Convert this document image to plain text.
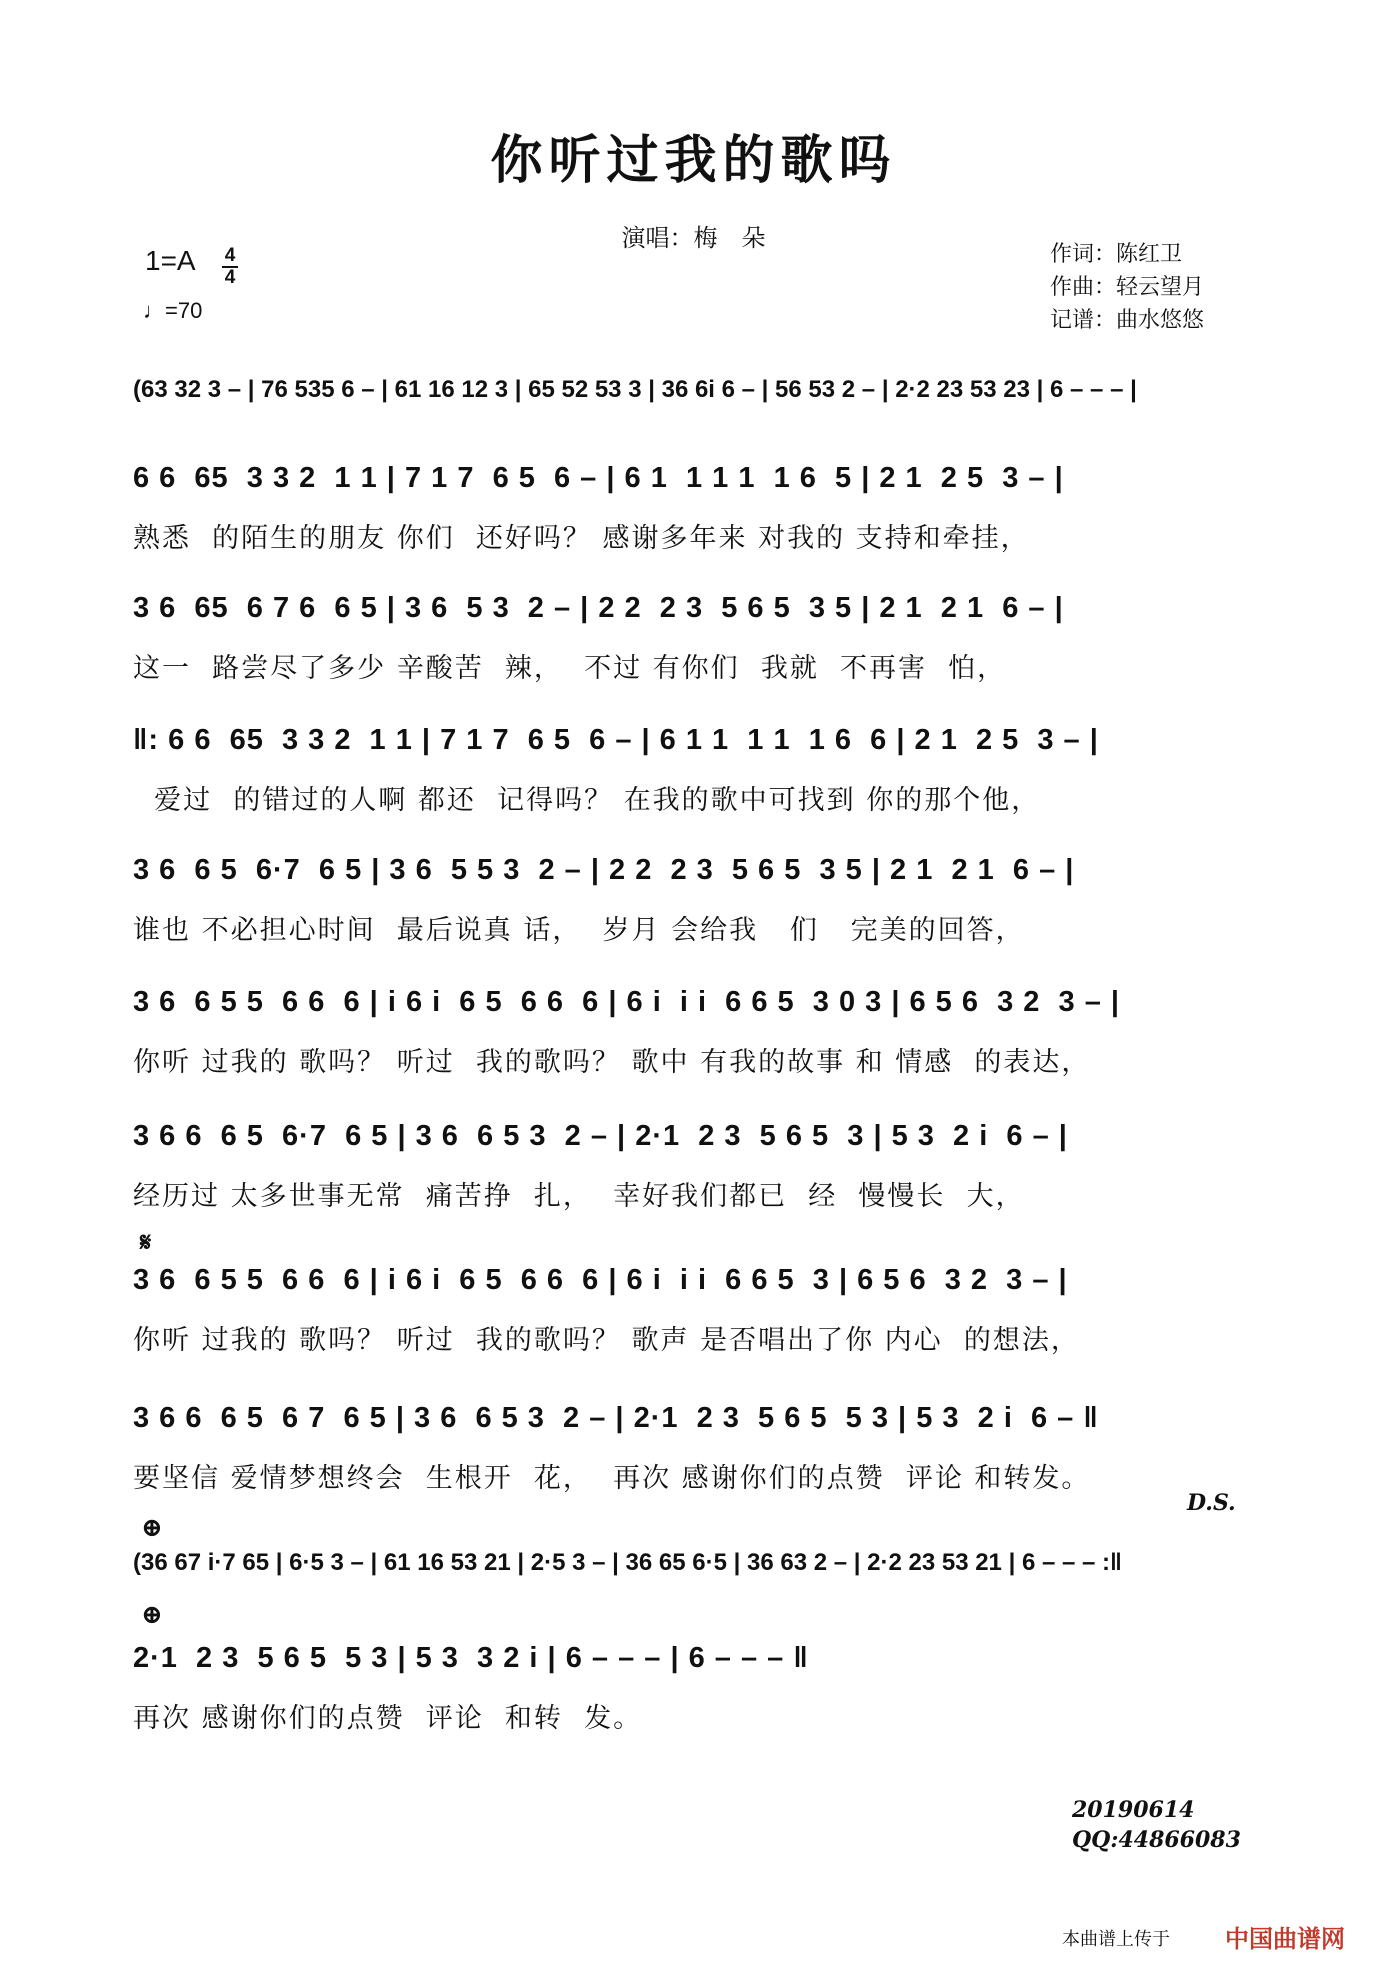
你听过我的歌吗
演唱：梅　朵
1=A 4
4
♩=70
作词：陈红卫
作曲：轻云望月
记谱：曲水悠悠
(63 32 3 – | 76 535 6 – | 61 16 12 3 | 65 52 53 3 | 36 6i 6 – | 56 53 2 – | 2·2 23 53 23 | 6 – – – |
6 6  65  3 3 2  1 1 | 7 1 7  6 5  6 – | 6 1  1 1 1  1 6  5 | 2 1  2 5  3 – |
熟悉  的陌生的朋友 你们  还好吗？ 感谢多年来 对我的 支持和牵挂，
3 6  65  6 7 6  6 5 | 3 6  5 3  2 – | 2 2  2 3  5 6 5  3 5 | 2 1  2 1  6 – |
这一  路尝尽了多少 辛酸苦  辣，  不过 有你们  我就  不再害  怕，
‖: 6 6  65  3 3 2  1 1 | 7 1 7  6 5  6 – | 6 1 1  1 1  1 6  6 | 2 1  2 5  3 – |
爱过  的错过的人啊 都还  记得吗？ 在我的歌中可找到 你的那个他，
3 6  6 5  6·7  6 5 | 3 6  5 5 3  2 – | 2 2  2 3  5 6 5  3 5 | 2 1  2 1  6 – |
谁也 不必担心时间  最后说真 话，  岁月 会给我   们   完美的回答，
3 6  6 5 5  6 6  6 | i 6 i  6 5  6 6  6 | 6 i  i i  6 6 5  3 0 3 | 6 5 6  3 2  3 – |
你听 过我的 歌吗？ 听过  我的歌吗？ 歌中 有我的故事 和 情感  的表达，
3 6 6  6 5  6·7  6 5 | 3 6  6 5 3  2 – | 2·1  2 3  5 6 5  3 | 5 3  2 i  6 – |
经历过 太多世事无常  痛苦挣  扎，  幸好我们都已  经  慢慢长  大，
𝄋
3 6  6 5 5  6 6  6 | i 6 i  6 5  6 6  6 | 6 i  i i  6 6 5  3 | 6 5 6  3 2  3 – |
你听 过我的 歌吗？ 听过  我的歌吗？ 歌声 是否唱出了你 内心  的想法，
3 6 6  6 5  6 7  6 5 | 3 6  6 5 3  2 – | 2·1  2 3  5 6 5  5 3 | 5 3  2 i  6 – ‖
要坚信 爱情梦想终会  生根开  花，  再次 感谢你们的点赞  评论 和转发。
D.S.
⊕
(36 67 i·7 65 | 6·5 3 – | 61 16 53 21 | 2·5 3 – | 36 65 6·5 | 36 63 2 – | 2·2 23 53 21 | 6 – – – :‖
⊕
2·1  2 3  5 6 5  5 3 | 5 3  3 2 i | 6 – – – | 6 – – – ‖
再次 感谢你们的点赞  评论  和转  发。
20190614
QQ:44866083
本曲谱上传于 中国曲谱网
